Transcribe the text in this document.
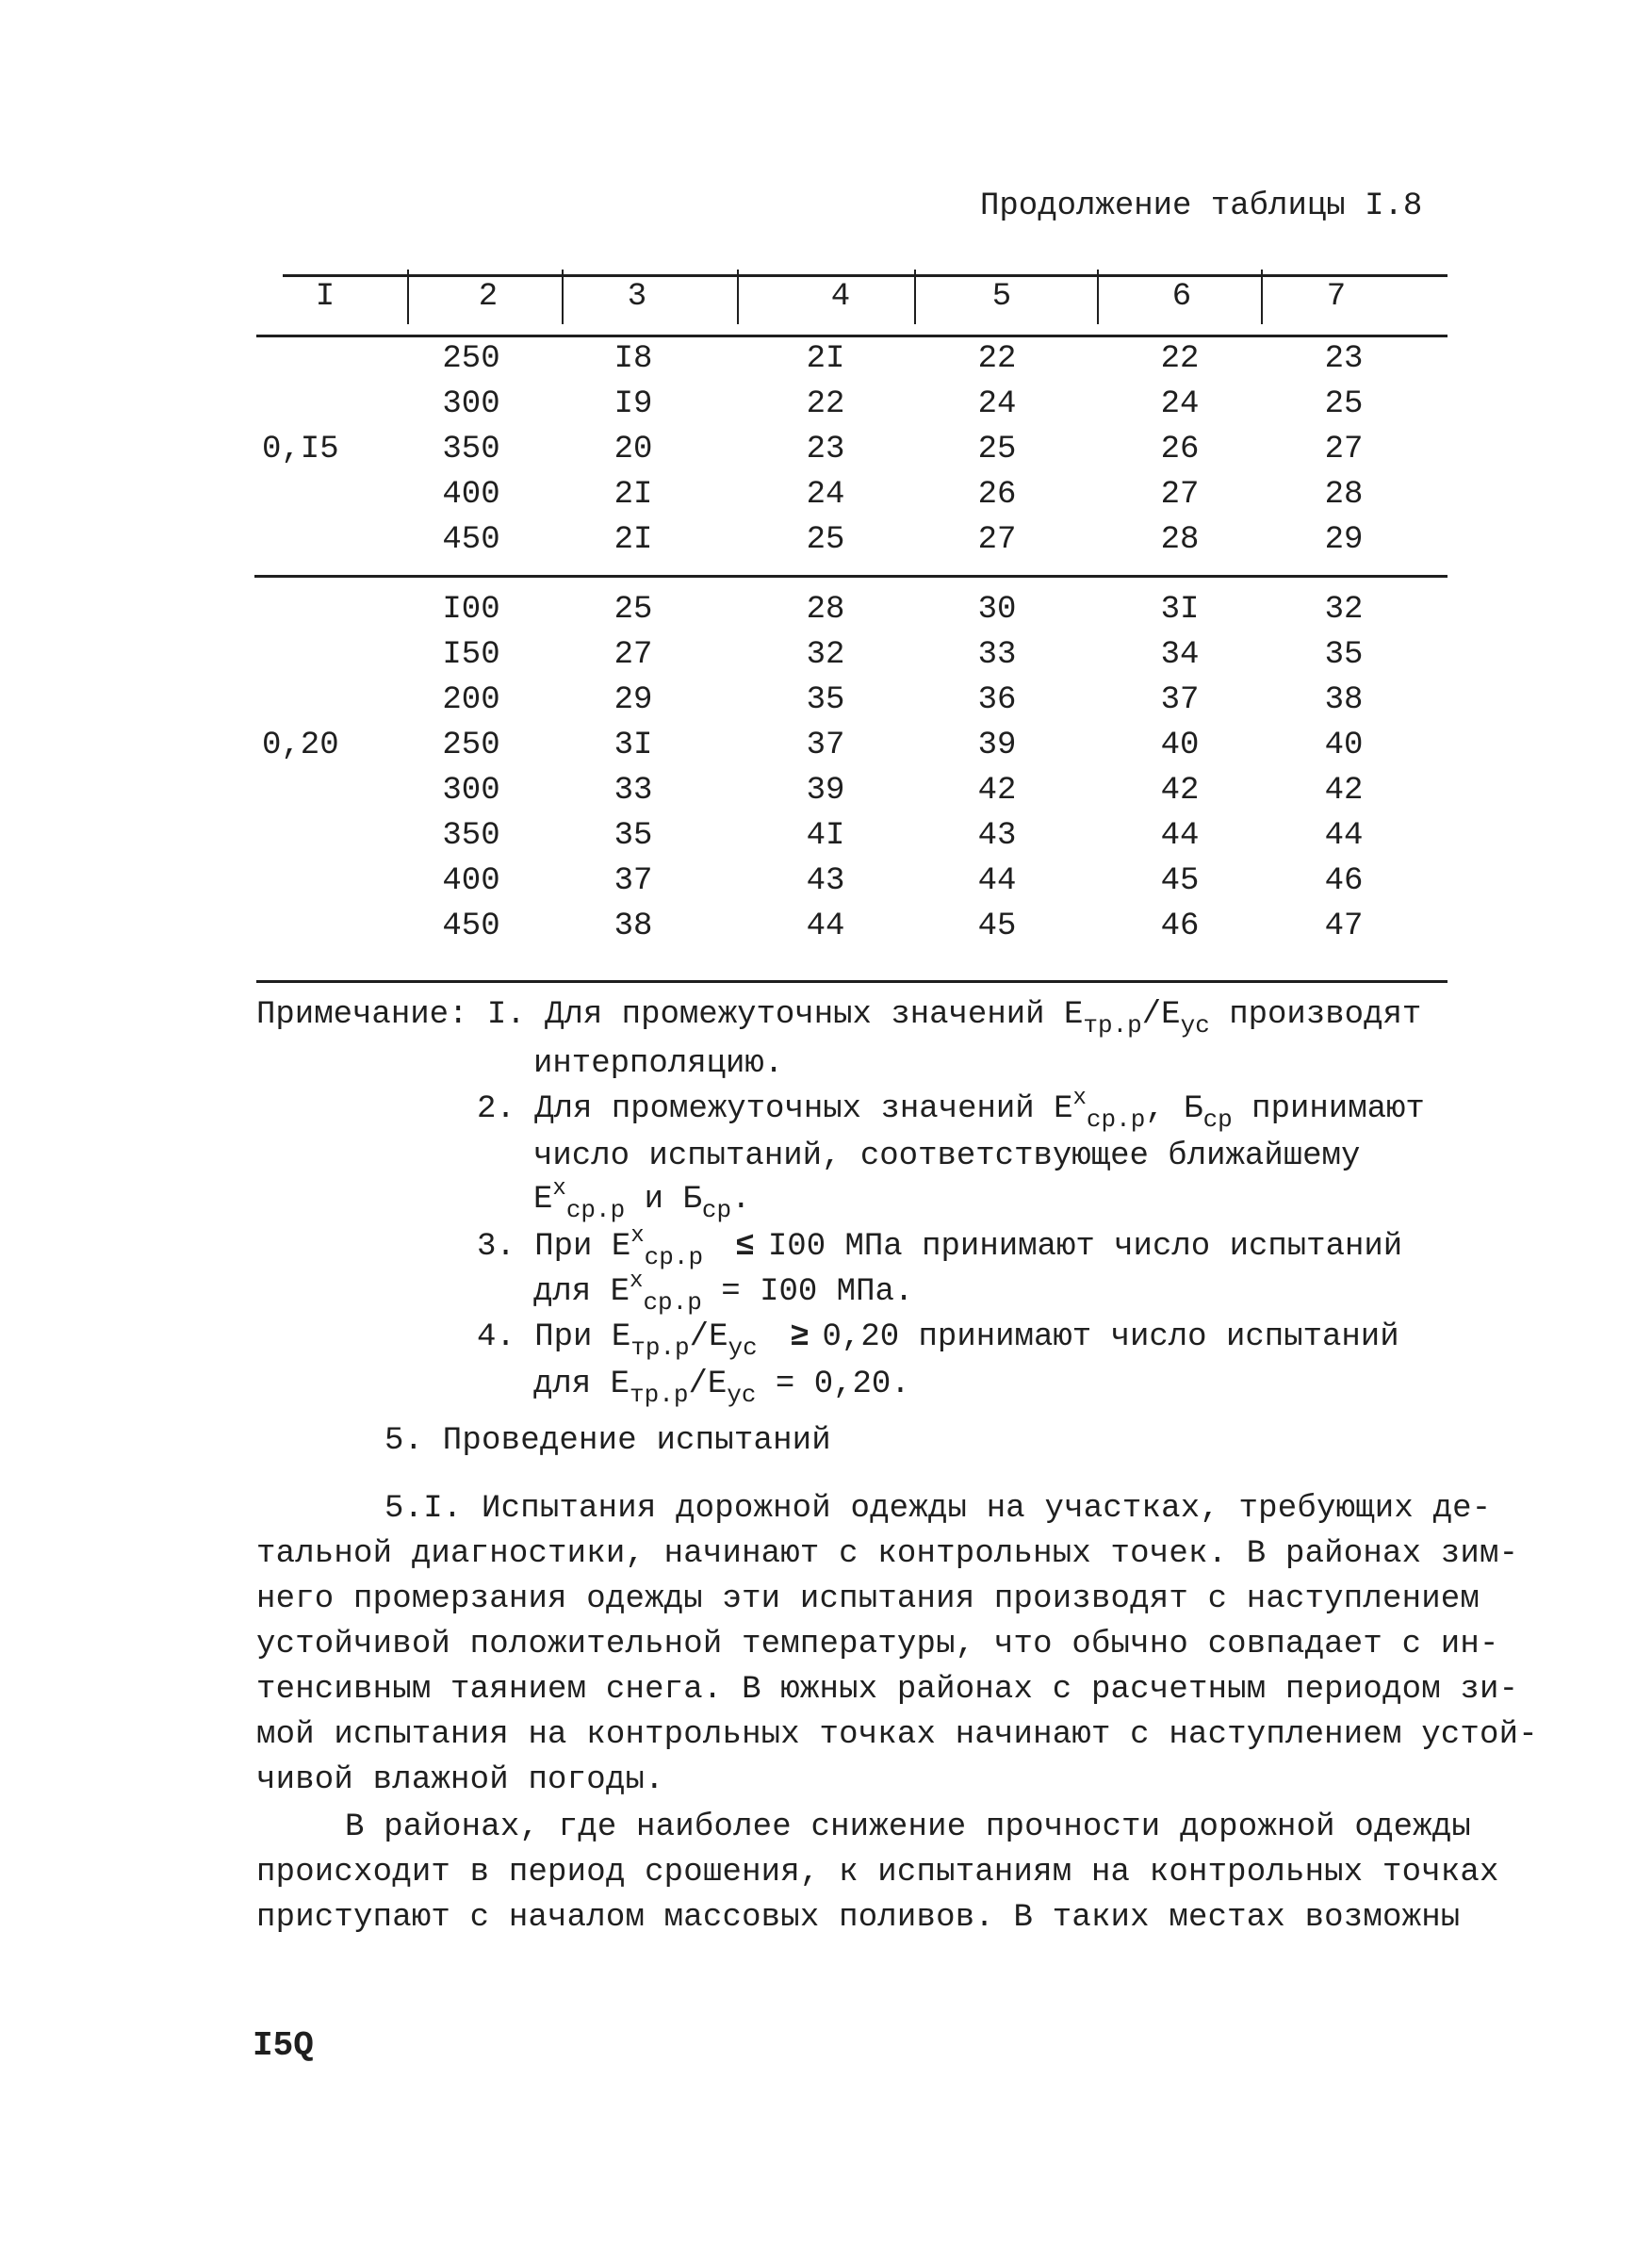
Продолжение таблицы I.8
I	2	3	4	5	6	7
0,I5
250	I8	2I	22	22	23
300	I9	22	24	24	25
350	20	23	25	26	27
400	2I	24	26	27	28
450	2I	25	27	28	29
0,20
I00	25	28	30	3I	32
I50	27	32	33	34	35
200	29	35	36	37	38
250	3I	37	39	40	40
300	33	39	42	42	42
350	35	4I	43	44	44
400	37	43	44	45	46
450	38	44	45	46	47
Примечание: I. Для промежуточных значений $Е_{тр.р}/Е_{ус}$ производят
интерполяцию.
2. Для промежуточных значений $Е^х_{ср.р}$, $Б_{ср}$ принимают
число испытаний, соответствующее ближайшему
$Е^х_{ср.р}$ и $Б_{ср}$.
3. При $Е^х_{ср.р} \le I00$ МПа принимают число испытаний
для $Е^х_{ср.р} = I00$ МПа.
4. При $Е_{тр.р}/Е_{ус} \ge 0,20$ принимают число испытаний
для $Е_{тр.р}/Е_{ус} = 0,20$.
5. Проведение испытаний
5.I. Испытания дорожной одежды на участках, требующих де-
тальной диагностики, начинают с контрольных точек. В районах зим-
него промерзания одежды эти испытания производят с наступлением
устойчивой положительной температуры, что обычно совпадает с ин-
тенсивным таянием снега. В южных районах с расчетным периодом зи-
мой испытания на контрольных точках начинают с наступлением устой-
чивой влажной погоды.
В районах, где наиболее снижение прочности дорожной одежды
происходит в период срошения, к испытаниям на контрольных точках
приступают с началом массовых поливов. В таких местах возможны
I5Q
